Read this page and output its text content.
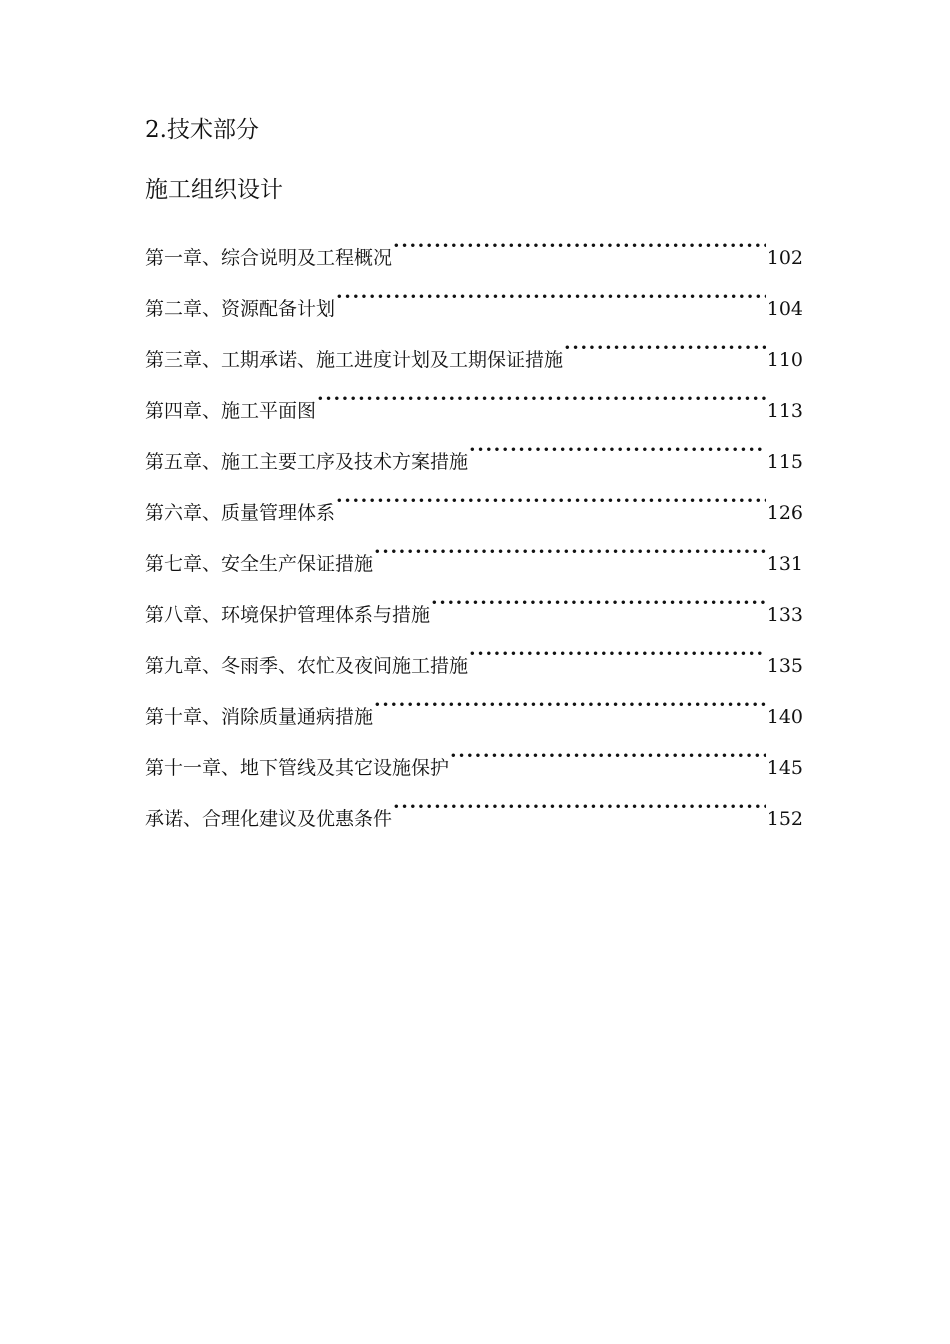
2.技术部分
施工组织设计
第一章、综合说明及工程概况 ·····	102
第二章、资源配备计划 ·····	104
第三章、工期承诺、施工进度计划及工期保证措施 ·····	110
第四章、施工平面图 ·····	113
第五章、施工主要工序及技术方案措施 ·····	115
第六章、质量管理体系 ·····	126
第七章、安全生产保证措施 ·····	131
第八章、环境保护管理体系与措施 ·····	133
第九章、冬雨季、农忙及夜间施工措施 ·····	135
第十章、消除质量通病措施 ·····	140
第十一章、地下管线及其它设施保护 ·····	145
承诺、合理化建议及优惠条件 ·····	152
